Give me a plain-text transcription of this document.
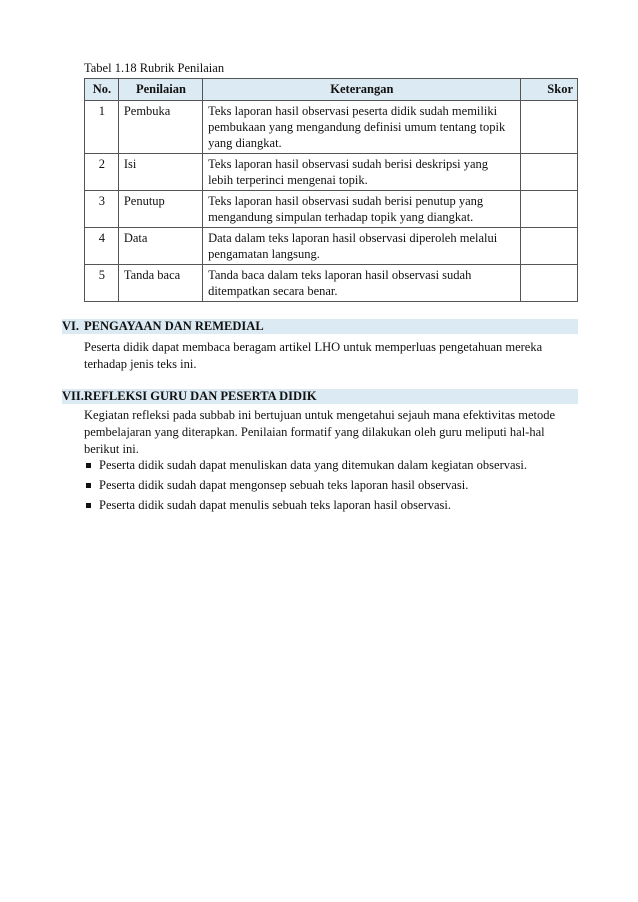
Tabel 1.18 Rubrik Penilaian
No.	Penilaian	Keterangan	Skor
1	Pembuka	Teks laporan hasil observasi peserta didik sudah memiliki pembukaan yang mengandung definisi umum tentang topik yang diangkat.	
2	Isi	Teks laporan hasil observasi sudah berisi deskripsi yang lebih terperinci mengenai topik.	
3	Penutup	Teks laporan hasil observasi sudah berisi penutup yang mengandung simpulan terhadap topik yang diangkat.	
4	Data	Data dalam teks laporan hasil observasi diperoleh melalui pengamatan langsung.	
5	Tanda baca	Tanda baca dalam teks laporan hasil observasi sudah ditempatkan secara benar.	
VI. PENGAYAAN DAN REMEDIAL
Peserta didik dapat membaca beragam artikel LHO untuk memperluas pengetahuan mereka terhadap jenis teks ini.
VII.REFLEKSI GURU DAN PESERTA DIDIK
Kegiatan refleksi pada subbab ini bertujuan untuk mengetahui sejauh mana efektivitas metode pembelajaran yang diterapkan. Penilaian formatif yang dilakukan oleh guru meliputi hal-hal berikut ini.
Peserta didik sudah dapat menuliskan data yang ditemukan dalam kegiatan observasi.
Peserta didik sudah dapat mengonsep sebuah teks laporan hasil observasi.
Peserta didik sudah dapat menulis sebuah teks laporan hasil observasi.
